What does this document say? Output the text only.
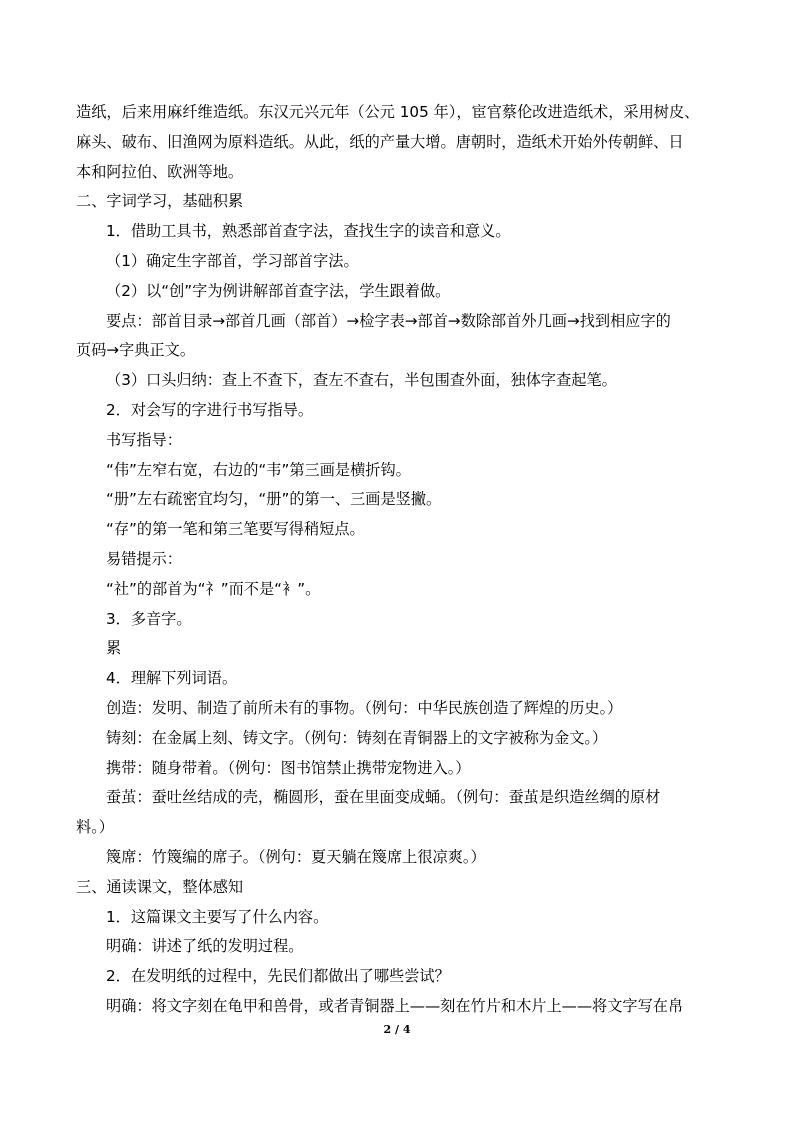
造纸，后来用麻纤维造纸。东汉元兴元年（公元 105 年），宦官蔡伦改进造纸术，采用树皮、
麻头、破布、旧渔网为原料造纸。从此，纸的产量大增。唐朝时，造纸术开始外传朝鲜、日
本和阿拉伯、欧洲等地。
二、字词学习，基础积累
1．借助工具书，熟悉部首查字法，查找生字的读音和意义。
（1）确定生字部首，学习部首字法。
（2）以“创”字为例讲解部首查字法，学生跟着做。
要点：部首目录→部首几画（部首）→检字表→部首→数除部首外几画→找到相应字的
页码→字典正文。
（3）口头归纳：查上不查下，查左不查右，半包围查外面，独体字查起笔。
2．对会写的字进行书写指导。
书写指导：
“伟”左窄右宽，右边的“韦”第三画是横折钩。
“册”左右疏密宜均匀，“册”的第一、三画是竖撇。
“存”的第一笔和第三笔要写得稍短点。
易错提示：
“社”的部首为“礻”而不是“衤”。
3．多音字。
累
4．理解下列词语。
创造：发明、制造了前所未有的事物。（例句：中华民族创造了辉煌的历史。）
铸刻：在金属上刻、铸文字。（例句：铸刻在青铜器上的文字被称为金文。）
携带：随身带着。（例句：图书馆禁止携带宠物进入。）
蚕茧：蚕吐丝结成的壳，椭圆形，蚕在里面变成蛹。（例句：蚕茧是织造丝绸的原材
料。）
篾席：竹篾编的席子。（例句：夏天躺在篾席上很凉爽。）
三、通读课文，整体感知
1．这篇课文主要写了什么内容。
明确：讲述了纸的发明过程。
2．在发明纸的过程中，先民们都做出了哪些尝试？
明确：将文字刻在龟甲和兽骨，或者青铜器上——刻在竹片和木片上——将文字写在帛
2 / 4
